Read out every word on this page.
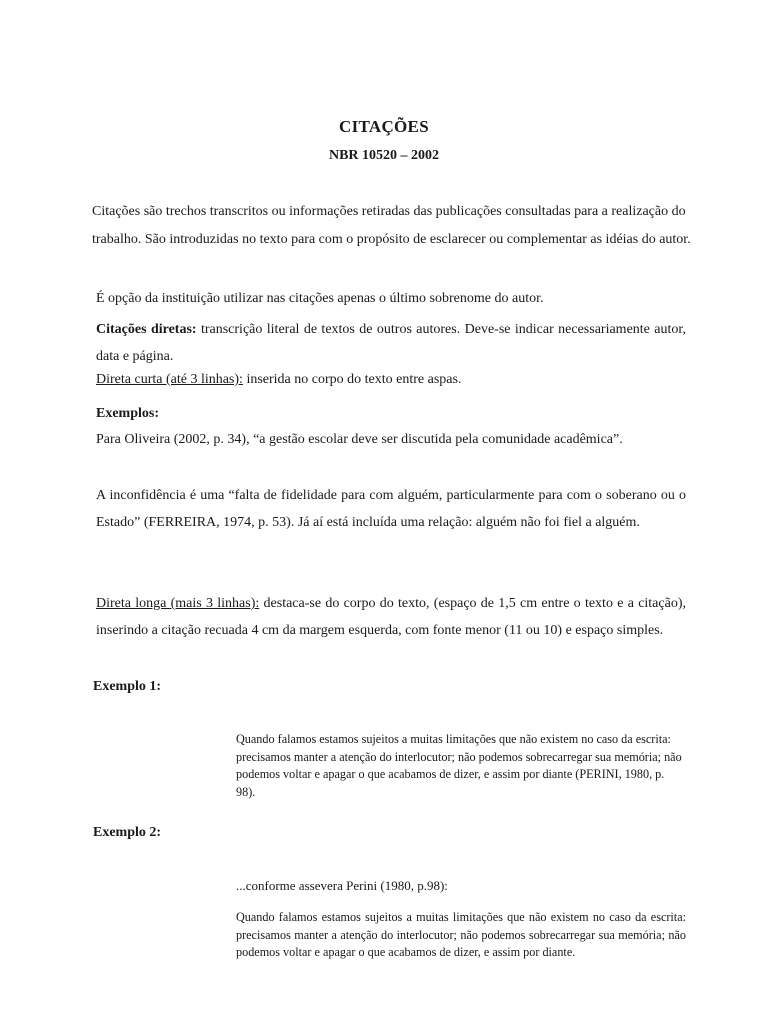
CITAÇÕES
NBR 10520 – 2002

Citações são trechos transcritos ou informações retiradas das publicações consultadas para a realização do trabalho. São introduzidas no texto para com o propósito de esclarecer ou complementar as idéias do autor.

É opção da instituição utilizar nas citações apenas o último sobrenome do autor.

Citações diretas: transcrição literal de textos de outros autores. Deve-se indicar necessariamente autor, data e página.

Direta curta (até 3 linhas): inserida no corpo do texto entre aspas.

Exemplos:

Para Oliveira (2002, p. 34), “a gestão escolar deve ser discutida pela comunidade acadêmica”.

A inconfidência é uma “falta de fidelidade para com alguém, particularmente para com o soberano ou o Estado” (FERREIRA, 1974, p. 53). Já aí está incluída uma relação: alguém não foi fiel a alguém.

Direta longa (mais 3 linhas): destaca-se do corpo do texto, (espaço de 1,5 cm entre o texto e a citação), inserindo a citação recuada 4 cm da margem esquerda, com fonte menor (11 ou 10) e espaço simples.

Exemplo 1:

Quando falamos estamos sujeitos a muitas limitações que não existem no caso da escrita: precisamos manter a atenção do interlocutor; não podemos sobrecarregar sua memória; não podemos voltar e apagar o que acabamos de dizer, e assim por diante (PERINI, 1980, p. 98).

Exemplo 2:

...conforme assevera Perini (1980, p.98):

Quando falamos estamos sujeitos a muitas limitações que não existem no caso da escrita: precisamos manter a atenção do interlocutor; não podemos sobrecarregar sua memória; não podemos voltar e apagar o que acabamos de dizer, e assim por diante.
